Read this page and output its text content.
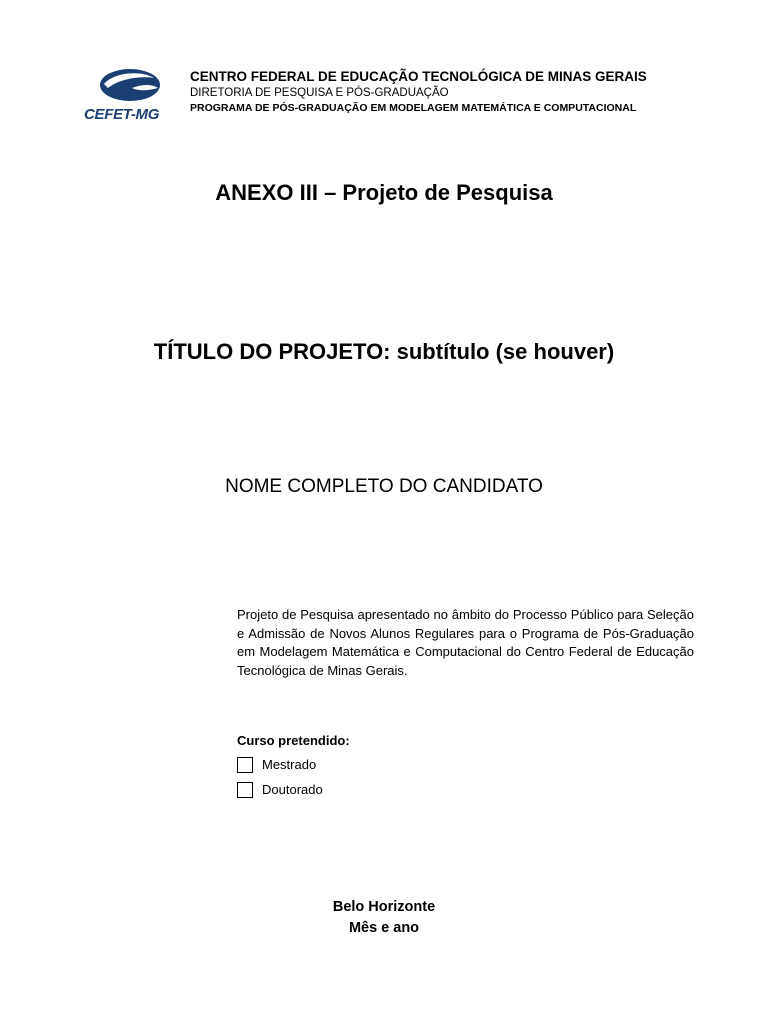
CEFET-MG
CENTRO FEDERAL DE EDUCAÇÃO TECNOLÓGICA DE MINAS GERAIS
DIRETORIA DE PESQUISA E PÓS-GRADUAÇÃO
PROGRAMA DE PÓS-GRADUAÇÃO EM MODELAGEM MATEMÁTICA E COMPUTACIONAL
ANEXO III – Projeto de Pesquisa
TÍTULO DO PROJETO: subtítulo (se houver)
NOME COMPLETO DO CANDIDATO
Projeto de Pesquisa apresentado no âmbito do Processo Público para Seleção e Admissão de Novos Alunos Regulares para o Programa de Pós-Graduação em Modelagem Matemática e Computacional do Centro Federal de Educação Tecnológica de Minas Gerais.
Curso pretendido:
Mestrado
Doutorado
Belo Horizonte
Mês e ano
